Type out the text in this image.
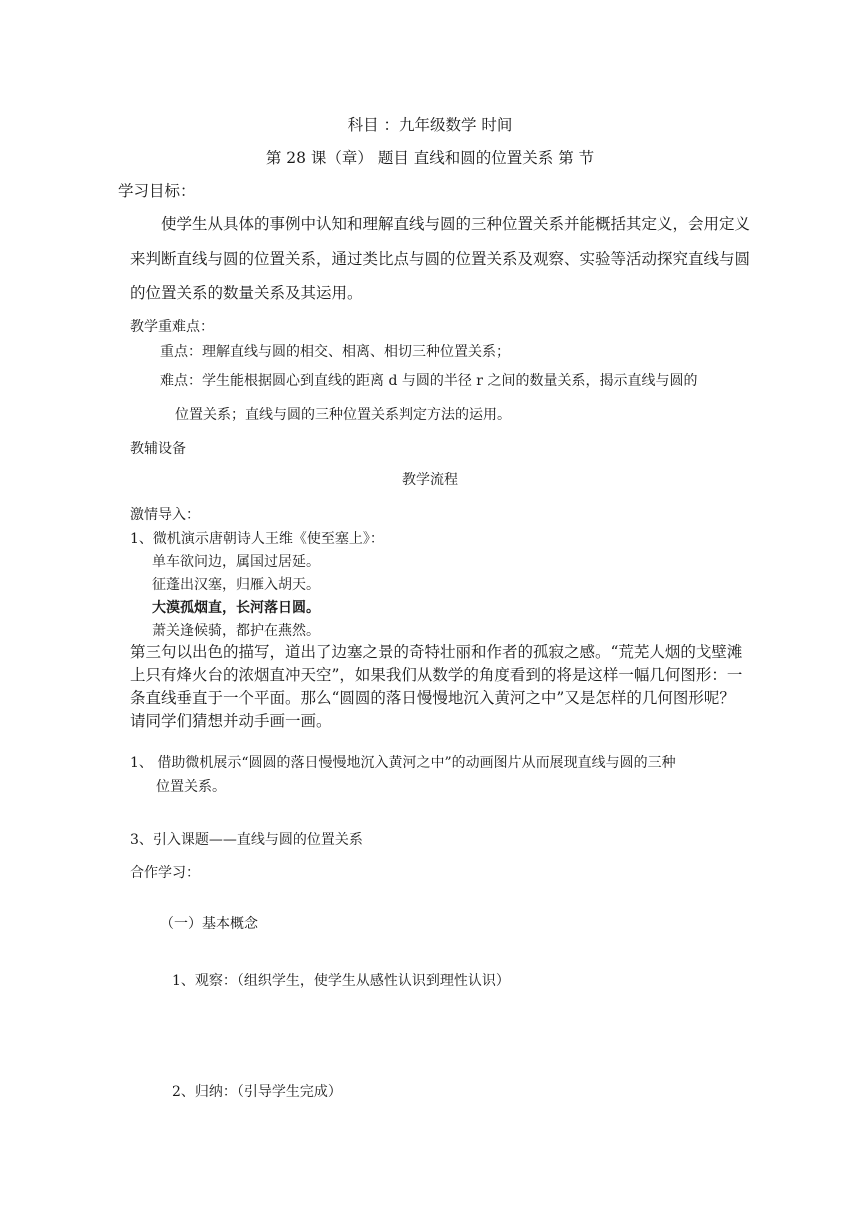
科目 ：九年级数学 时间
第 28 课（章） 题目 直线和圆的位置关系 第 节
学习目标：
使学生从具体的事例中认知和理解直线与圆的三种位置关系并能概括其定义，会用定义
来判断直线与圆的位置关系，通过类比点与圆的位置关系及观察、实验等活动探究直线与圆
的位置关系的数量关系及其运用。
教学重难点：
重点：理解直线与圆的相交、相离、相切三种位置关系；
难点：学生能根据圆心到直线的距离 d 与圆的半径 r 之间的数量关系，揭示直线与圆的
位置关系；直线与圆的三种位置关系判定方法的运用。
教辅设备
教学流程
激情导入：
1、微机演示唐朝诗人王维《使至塞上》：
单车欲问边，属国过居延。
征蓬出汉塞，归雁入胡天。
大漠孤烟直，长河落日圆。
萧关逢候骑，都护在燕然。
第三句以出色的描写，道出了边塞之景的奇特壮丽和作者的孤寂之感。“荒芜人烟的戈壁滩
上只有烽火台的浓烟直冲天空”，如果我们从数学的角度看到的将是这样一幅几何图形：一
条直线垂直于一个平面。那么“圆圆的落日慢慢地沉入黄河之中”又是怎样的几何图形呢？
请同学们猜想并动手画一画。
1、 借助微机展示“圆圆的落日慢慢地沉入黄河之中”的动画图片从而展现直线与圆的三种
位置关系。
3、引入课题——直线与圆的位置关系
合作学习：
（一）基本概念
1、观察：（组织学生，使学生从感性认识到理性认识）
2、归纳：（引导学生完成）
